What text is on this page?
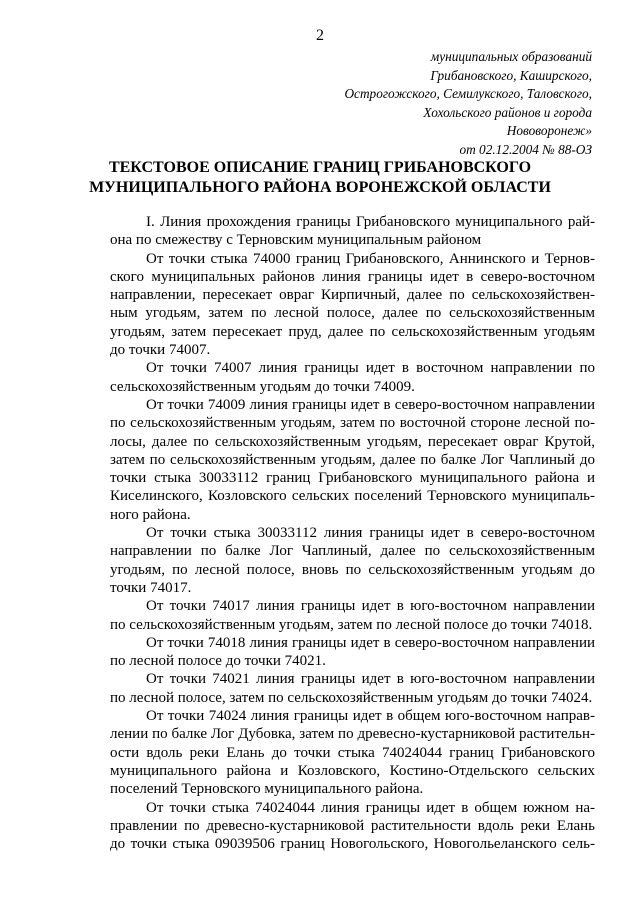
2
муниципальных образований
Грибановского, Каширского,
Острогожского, Семилукского, Таловского,
Хохольского районов и города
Нововоронеж»
от 02.12.2004 № 88-ОЗ
ТЕКСТОВОЕ ОПИСАНИЕ ГРАНИЦ ГРИБАНОВСКОГО
МУНИЦИПАЛЬНОГО РАЙОНА ВОРОНЕЖСКОЙ ОБЛАСТИ
I. Линия прохождения границы Грибановского муниципального рай-
она по смежеству с Терновским муниципальным районом
От точки стыка 74000 границ Грибановского, Аннинского и Тернов-
ского муниципальных районов линия границы идет в северо-восточном
направлении, пересекает овраг Кирпичный, далее по сельскохозяйствен-
ным угодьям, затем по лесной полосе, далее по сельскохозяйственным
угодьям, затем пересекает пруд, далее по сельскохозяйственным угодьям
до точки 74007.
От точки 74007 линия границы идет в восточном направлении по
сельскохозяйственным угодьям до точки 74009.
От точки 74009 линия границы идет в северо-восточном направлении
по сельскохозяйственным угодьям, затем по восточной стороне лесной по-
лосы, далее по сельскохозяйственным угодьям, пересекает овраг Крутой,
затем по сельскохозяйственным угодьям, далее по балке Лог Чаплиный до
точки стыка 30033112 границ Грибановского муниципального района и
Киселинского, Козловского сельских поселений Терновского муниципаль-
ного района.
От точки стыка 30033112 линия границы идет в северо-восточном
направлении по балке Лог Чаплиный, далее по сельскохозяйственным
угодьям, по лесной полосе, вновь по сельскохозяйственным угодьям до
точки 74017.
От точки 74017 линия границы идет в юго-восточном направлении
по сельскохозяйственным угодьям, затем по лесной полосе до точки 74018.
От точки 74018 линия границы идет в северо-восточном направлении
по лесной полосе до точки 74021.
От точки 74021 линия границы идет в юго-восточном направлении
по лесной полосе, затем по сельскохозяйственным угодьям до точки 74024.
От точки 74024 линия границы идет в общем юго-восточном направ-
лении по балке Лог Дубовка, затем по древесно-кустарниковой растительн-
ости вдоль реки Елань до точки стыка 74024044 границ Грибановского
муниципального района и Козловского, Костино-Отдельского сельских
поселений Терновского муниципального района.
От точки стыка 74024044 линия границы идет в общем южном на-
правлении по древесно-кустарниковой растительности вдоль реки Елань
до точки стыка 09039506 границ Новогольского, Новогольеланского сель-
